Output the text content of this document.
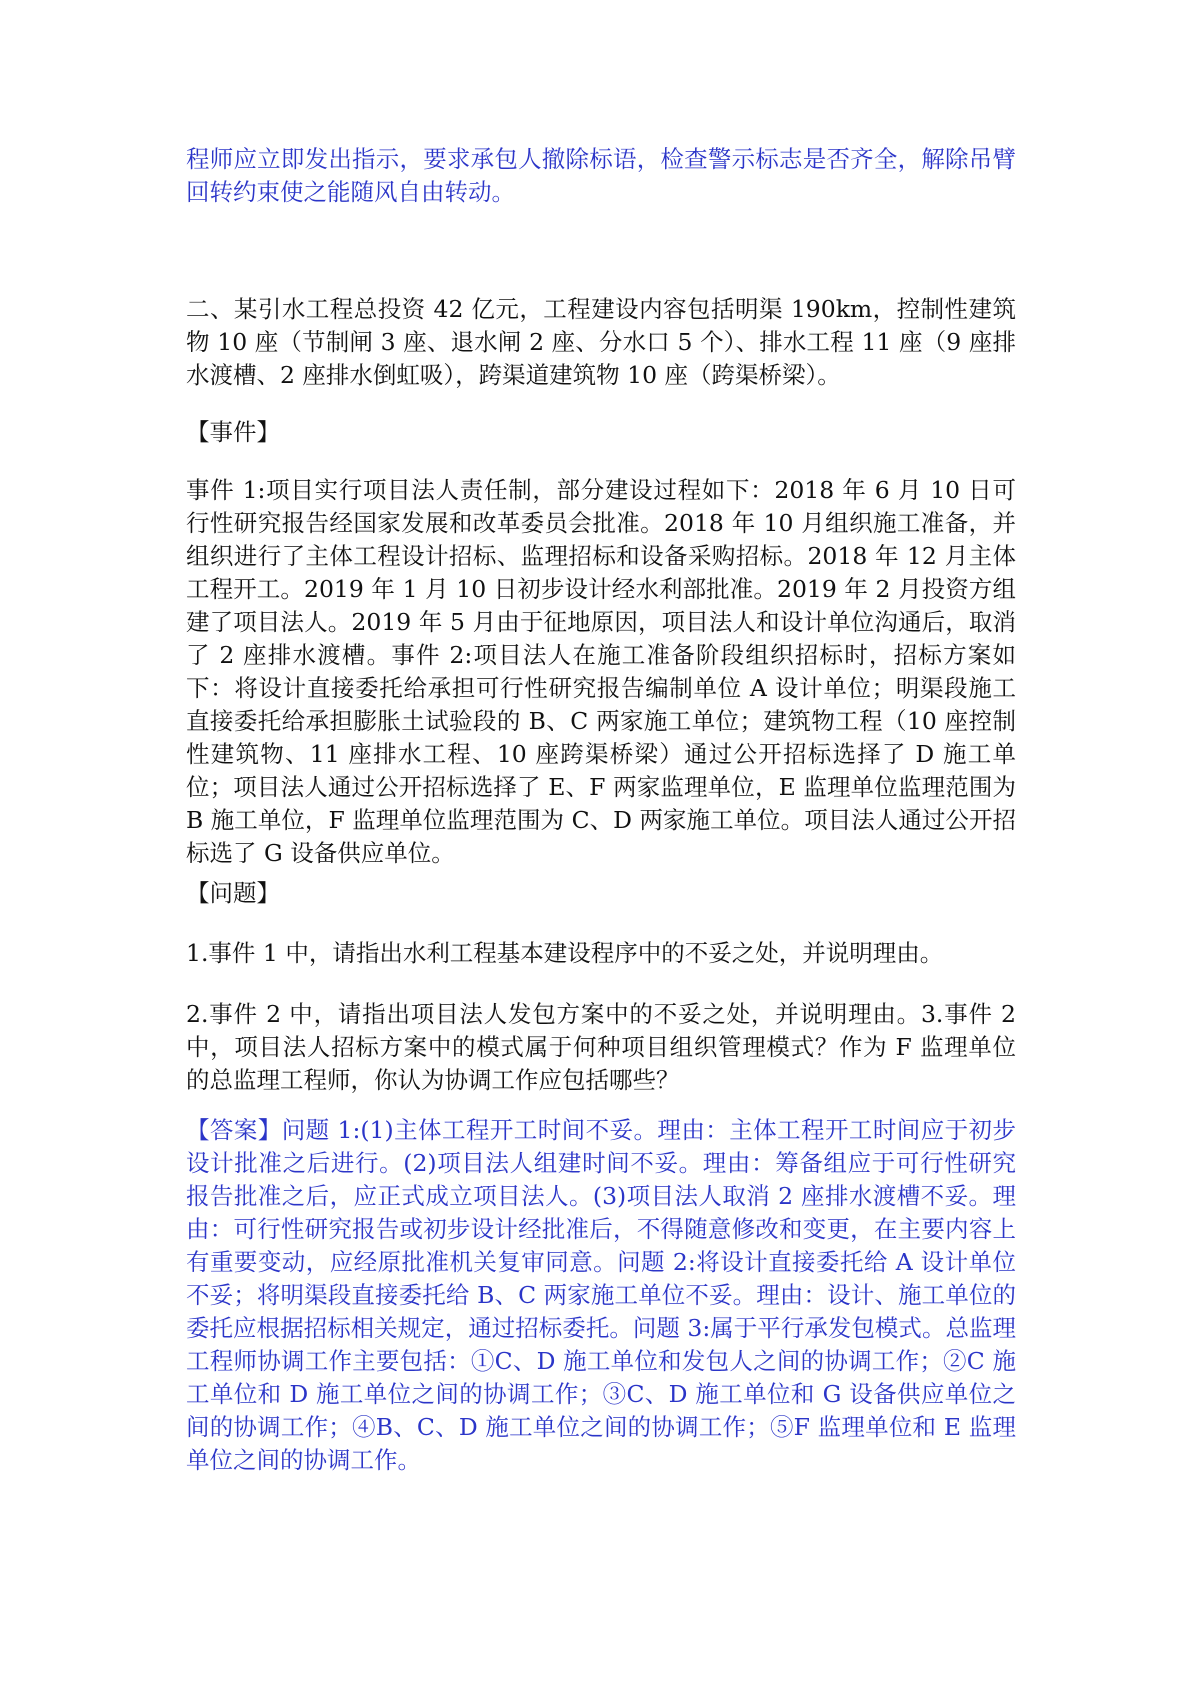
程师应立即发出指示，要求承包人撤除标语，检查警示标志是否齐全，解除吊臂回转约束使之能随风自由转动。

二、某引水工程总投资 42 亿元，工程建设内容包括明渠 190km，控制性建筑物 10 座（节制闸 3 座、退水闸 2 座、分水口 5 个）、排水工程 11 座（9 座排水渡槽、2 座排水倒虹吸），跨渠道建筑物 10 座（跨渠桥梁）。

【事件】

事件 1:项目实行项目法人责任制，部分建设过程如下：2018 年 6 月 10 日可行性研究报告经国家发展和改革委员会批准。2018 年 10 月组织施工准备，并组织进行了主体工程设计招标、监理招标和设备采购招标。2018 年 12 月主体工程开工。2019 年 1 月 10 日初步设计经水利部批准。2019 年 2 月投资方组建了项目法人。2019 年 5 月由于征地原因，项目法人和设计单位沟通后，取消了 2 座排水渡槽。事件 2:项目法人在施工准备阶段组织招标时，招标方案如下：将设计直接委托给承担可行性研究报告编制单位 A 设计单位；明渠段施工直接委托给承担膨胀土试验段的 B、C 两家施工单位；建筑物工程（10 座控制性建筑物、11 座排水工程、10 座跨渠桥梁）通过公开招标选择了 D 施工单位；项目法人通过公开招标选择了 E、F 两家监理单位，E 监理单位监理范围为 B 施工单位，F 监理单位监理范围为 C、D 两家施工单位。项目法人通过公开招标选了 G 设备供应单位。

【问题】

1.事件 1 中，请指出水利工程基本建设程序中的不妥之处，并说明理由。

2.事件 2 中，请指出项目法人发包方案中的不妥之处，并说明理由。3.事件 2 中，项目法人招标方案中的模式属于何种项目组织管理模式？作为 F 监理单位的总监理工程师，你认为协调工作应包括哪些？

【答案】问题 1:(1)主体工程开工时间不妥。理由：主体工程开工时间应于初步设计批准之后进行。(2)项目法人组建时间不妥。理由：筹备组应于可行性研究报告批准之后，应正式成立项目法人。(3)项目法人取消 2 座排水渡槽不妥。理由：可行性研究报告或初步设计经批准后，不得随意修改和变更，在主要内容上有重要变动，应经原批准机关复审同意。问题 2:将设计直接委托给 A 设计单位不妥；将明渠段直接委托给 B、C 两家施工单位不妥。理由：设计、施工单位的委托应根据招标相关规定，通过招标委托。问题 3:属于平行承发包模式。总监理工程师协调工作主要包括：①C、D 施工单位和发包人之间的协调工作；②C 施工单位和 D 施工单位之间的协调工作；③C、D 施工单位和 G 设备供应单位之间的协调工作；④B、C、D 施工单位之间的协调工作；⑤F 监理单位和 E 监理单位之间的协调工作。
